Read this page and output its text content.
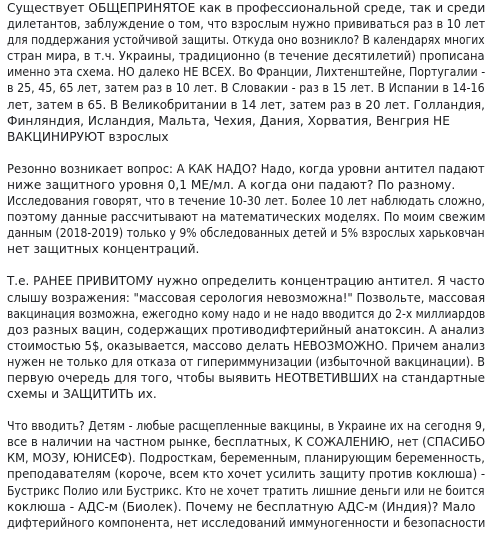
Существует ОБЩЕПРИНЯТОЕ как в профессиональной среде, так и среди
дилетантов, заблуждение о том, что взрослым нужно прививаться раз в 10 лет
для поддержания устойчивой защиты. Откуда оно возникло? В календарях многих
стран мира, в т.ч. Украины, традиционно (в течение десятилетий) прописана
именно эта схема. НО далеко НЕ ВСЕХ. Во Франции, Лихтенштейне, Португалии -
в 25, 45, 65 лет, затем раз в 10 лет. В Словакии - раз в 15 лет. В Испании в 14-16
лет, затем в 65. В Великобритании в 14 лет, затем раз в 20 лет. Голландия,
Финляндия, Исландия, Мальта, Чехия, Дания, Хорватия, Венгрия НЕ
ВАКЦИНИРУЮТ взрослых
Резонно возникает вопрос: А КАК НАДО? Надо, когда уровни антител падают
ниже защитного уровня 0,1 МЕ/мл. А когда они падают? По разному.
Исследования говорят, что в течение 10-30 лет. Более 10 лет наблюдать сложно,
поэтому данные рассчитывают на математических моделях. По моим свежим
данным (2018-2019) только у 9% обследованных детей и 5% взрослых харьковчан
нет защитных концентраций.
Т.е. РАНЕЕ ПРИВИТОМУ нужно определить концентрацию антител. Я часто
слышу возражения: "массовая серология невозможна!" Позвольте, массовая
вакцинация возможна, ежегодно кому надо и не надо вводится до 2-х миллиардов
доз разных вацин, содержащих противодифтерийный анатоксин. А анализ
стоимостью 5$, оказывается, массово делать НЕВОЗМОЖНО. Причем анализ
нужен не только для отказа от гипериммунизации (избыточной вакцинации). В
первую очередь для того, чтобы выявить НЕОТВЕТИВШИХ на стандартные
схемы и ЗАЩИТИТЬ их.
Что вводить? Детям - любые расщепленные вакцины, в Украине их на сегодня 9,
все в наличии на частном рынке, бесплатных, К СОЖАЛЕНИЮ, нет (СПАСИБО
КМ, МОЗУ, ЮНИСЕФ). Подросткам, беременным, планирующим беременность,
преподавателям (короче, всем кто хочет усилить защиту против коклюша) -
Бустрикс Полио или Бустрикс. Кто не хочет тратить лишние деньги или не боится
коклюша - АДС-м (Биолек). Почему не бесплатную АДС-м (Индия)? Мало
дифтерийного компонента, нет исследований иммуногенности и безопасности
